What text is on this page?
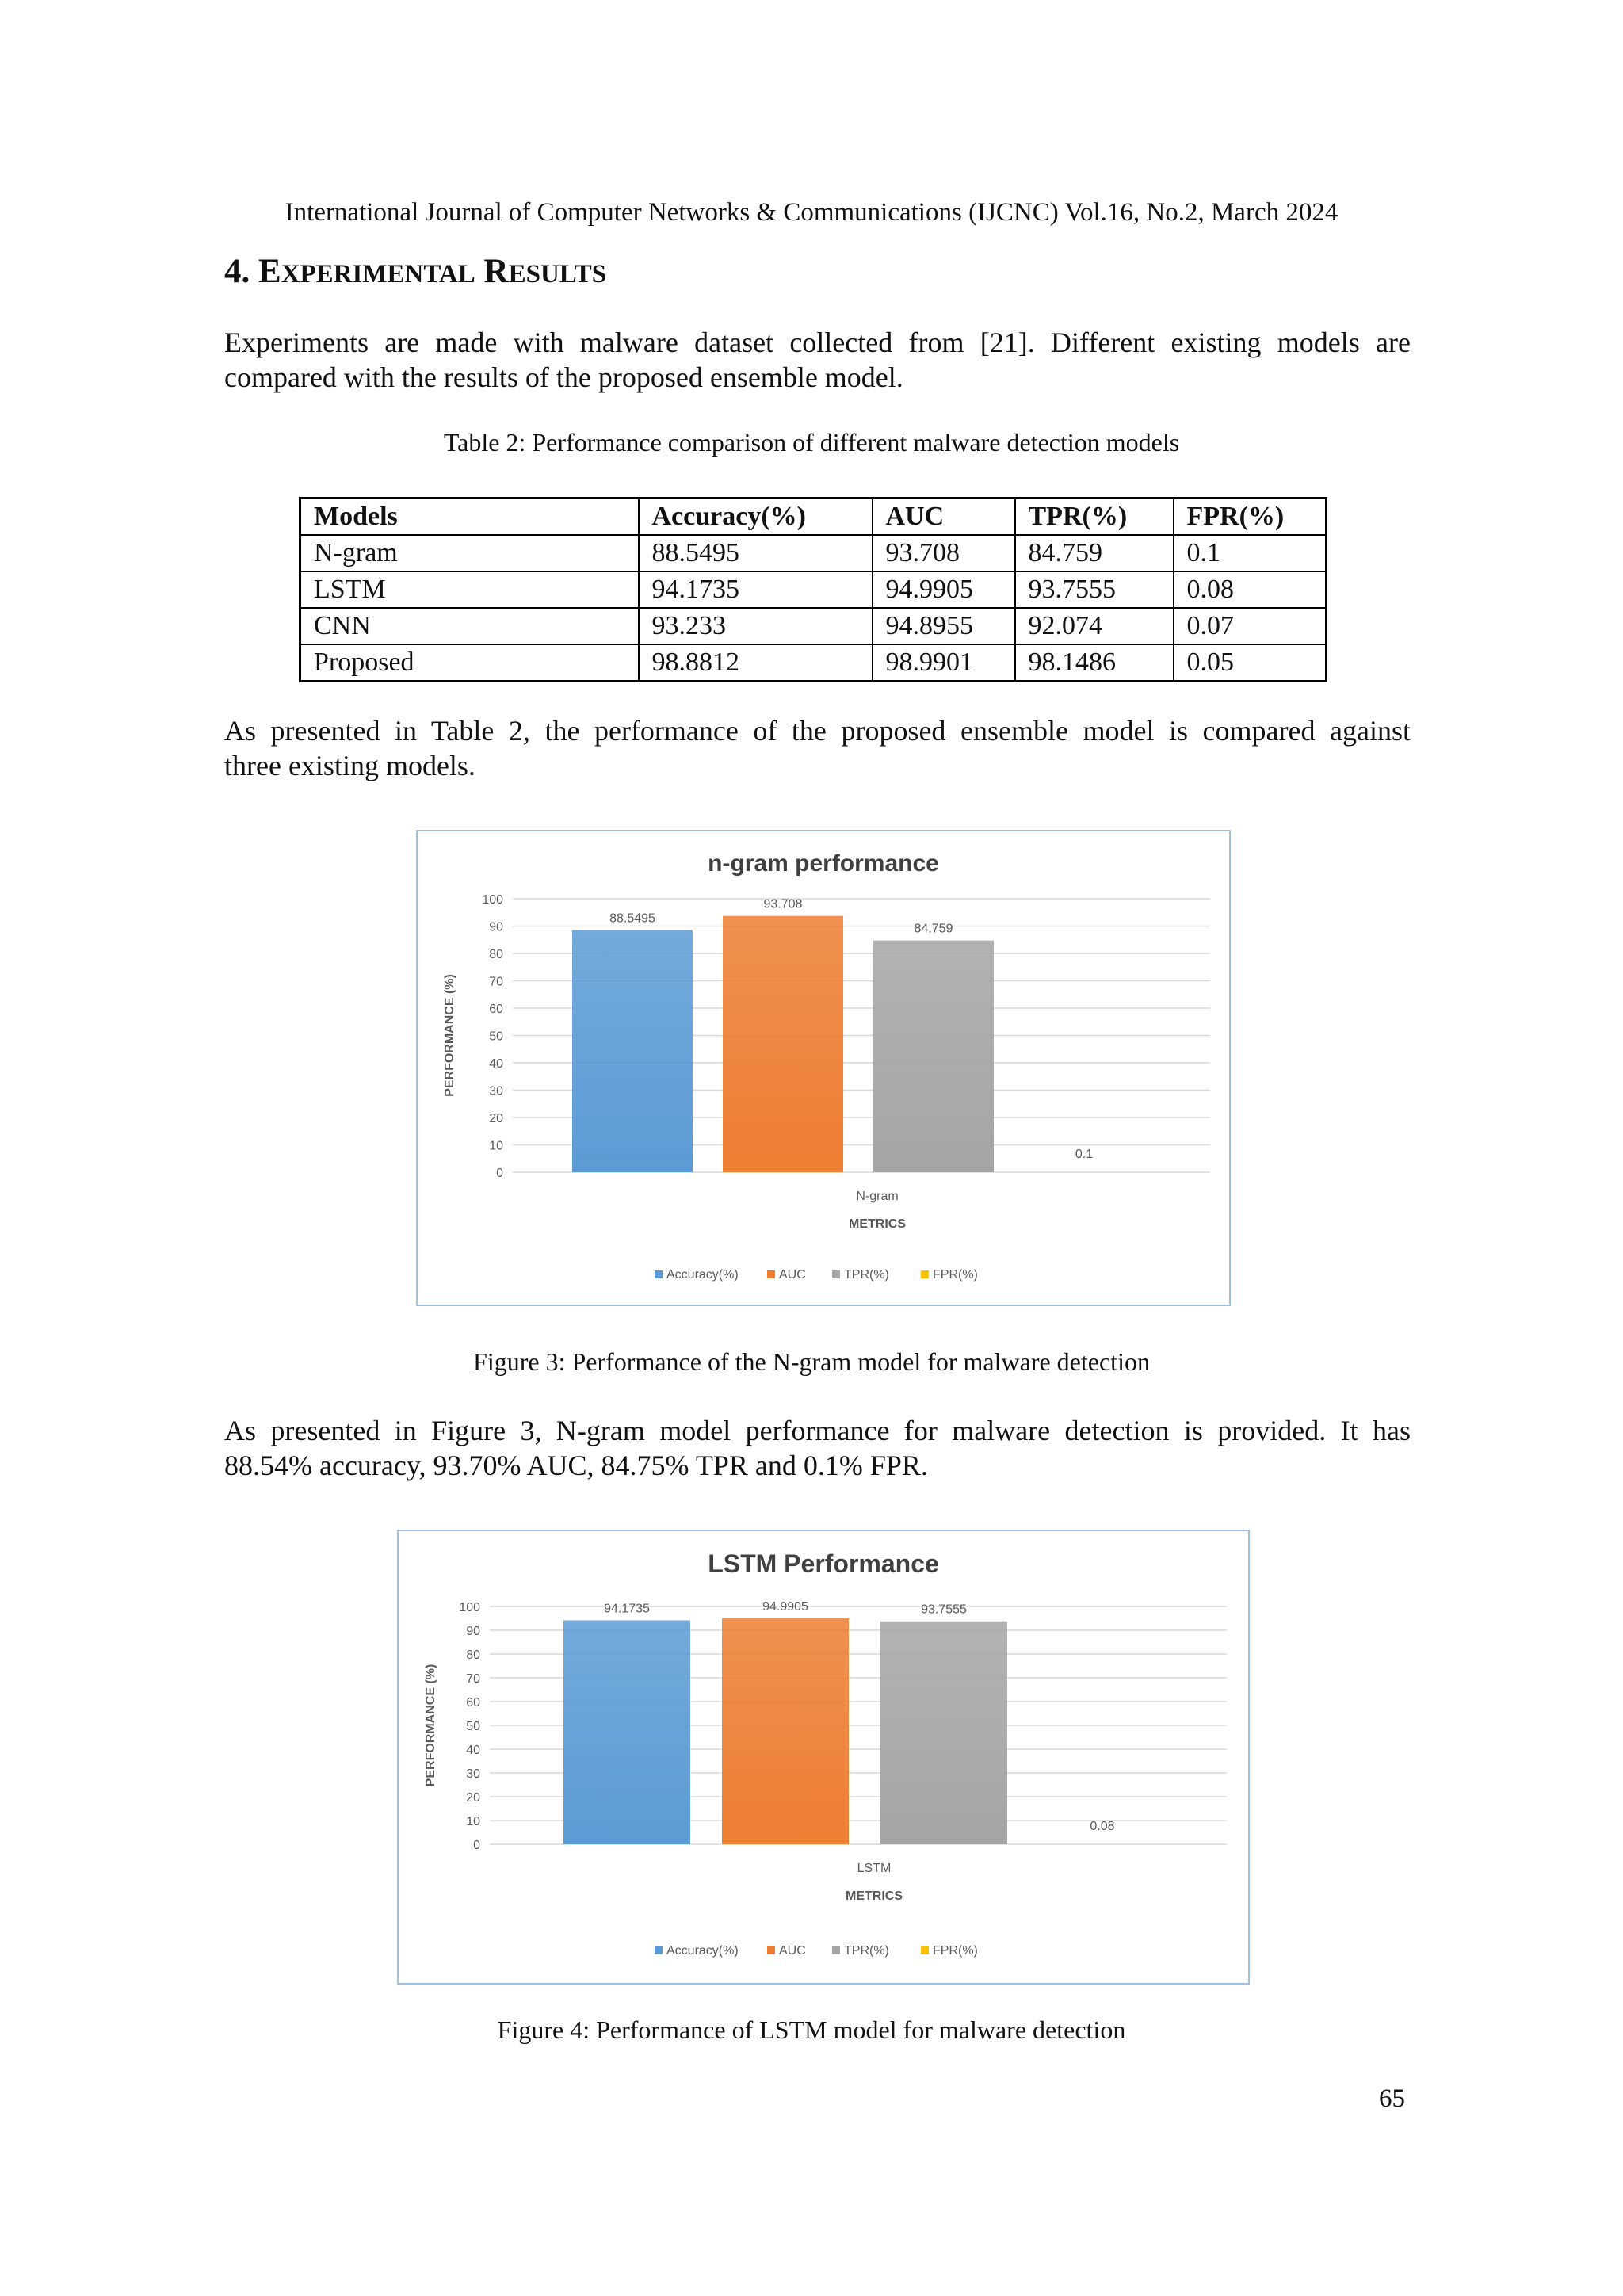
International Journal of Computer Networks & Communications (IJCNC) Vol.16, No.2, March 2024
4. EXPERIMENTAL RESULTS
Experiments are made with malware dataset collected from [21]. Different existing models are
compared with the results of the proposed ensemble model.
Table 2: Performance comparison of different malware detection models
Models	Accuracy(%)	AUC	TPR(%)	FPR(%)
N-gram	88.5495	93.708	84.759	0.1
LSTM	94.1735	94.9905	93.7555	0.08
CNN	93.233	94.8955	92.074	0.07
Proposed	98.8812	98.9901	98.1486	0.05
As presented in Table 2, the performance of the proposed ensemble model is compared against
three existing models.
n-gram performance
0
10
20
30
40
50
60
70
80
90
100
PERFORMANCE (%)
88.5495
93.708
84.759
0.1
N-gram
METRICS
Accuracy(%)	AUC	TPR(%)	FPR(%)
Figure 3: Performance of the N-gram model for malware detection
As presented in Figure 3, N-gram model performance for malware detection is provided. It has
88.54% accuracy, 93.70% AUC, 84.75% TPR and 0.1% FPR.
LSTM Performance
0
10
20
30
40
50
60
70
80
90
100
PERFORMANCE (%)
94.1735	94.9905	93.7555
0.08
LSTM
METRICS
Accuracy(%)	AUC	TPR(%)	FPR(%)
Figure 4: Performance of LSTM model for malware detection
65
